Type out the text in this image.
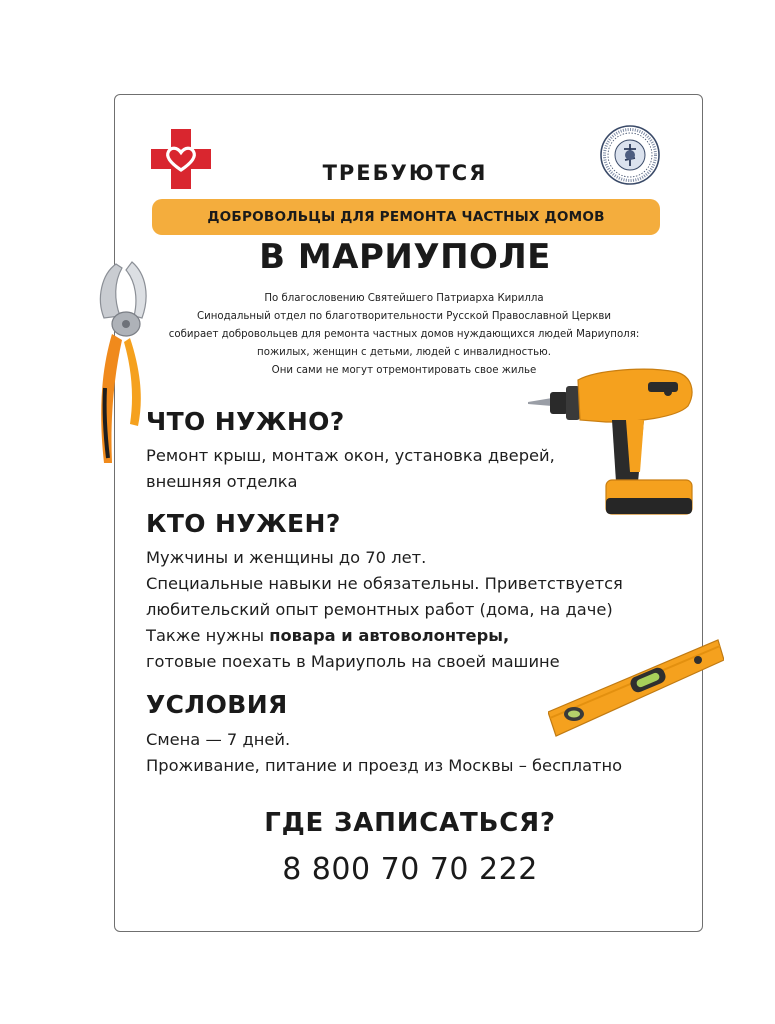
ТРЕБУЮТСЯ
ДОБРОВОЛЬЦЫ ДЛЯ РЕМОНТА ЧАСТНЫХ ДОМОВ
В МАРИУПОЛЕ
По благословению Святейшего Патриарха Кирилла
Синодальный отдел по благотворительности Русской Православной Церкви
собирает добровольцев для ремонта частных домов нуждающихся людей Мариуполя:
пожилых, женщин с детьми, людей с инвалидностью.
Они сами не могут отремонтировать свое жилье
ЧТО НУЖНО?
Ремонт крыш, монтаж окон, установка дверей,
внешняя отделка
КТО НУЖЕН?
Мужчины и женщины до 70 лет.
Специальные навыки не обязательны. Приветствуется
любительский опыт ремонтных работ (дома, на даче)
Также нужны повара и автоволонтеры,
готовые поехать в Мариуполь на своей машине
УСЛОВИЯ
Смена — 7 дней.
Проживание, питание и проезд из Москвы – бесплатно
ГДЕ ЗАПИСАТЬСЯ?
8 800 70 70 222
